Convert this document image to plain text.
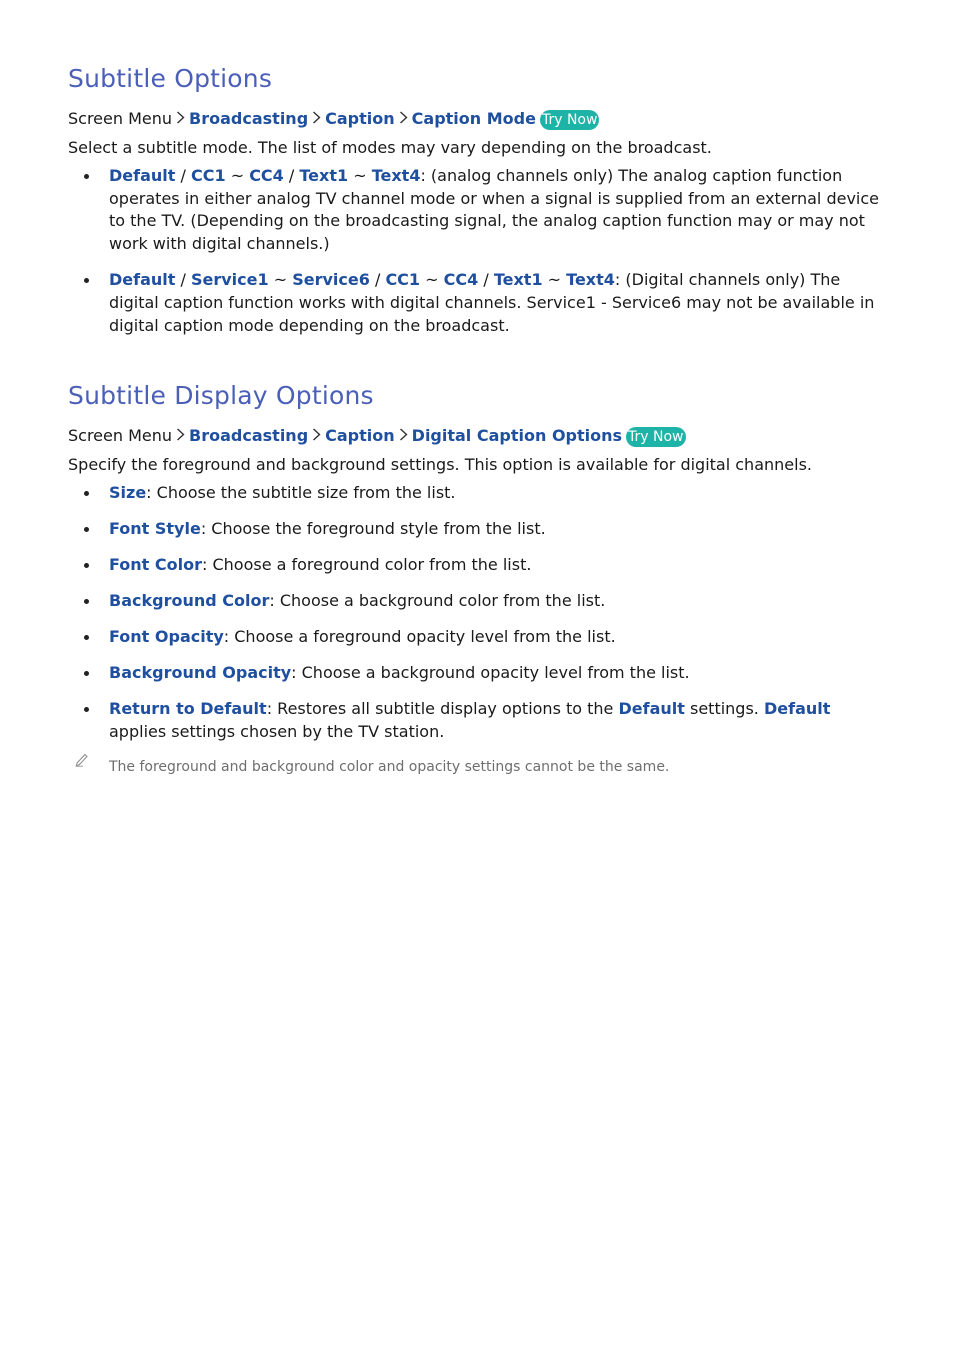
Subtitle Options
Screen Menu Broadcasting Caption Caption Mode Try Now
Select a subtitle mode. The list of modes may vary depending on the broadcast.
Default / CC1 ~ CC4 / Text1 ~ Text4: (analog channels only) The analog caption function operates in either analog TV channel mode or when a signal is supplied from an external device to the TV. (Depending on the broadcasting signal, the analog caption function may or may not work with digital channels.)
Default / Service1 ~ Service6 / CC1 ~ CC4 / Text1 ~ Text4: (Digital channels only) The digital caption function works with digital channels. Service1 - Service6 may not be available in digital caption mode depending on the broadcast.
Subtitle Display Options
Screen Menu Broadcasting Caption Digital Caption Options Try Now
Specify the foreground and background settings. This option is available for digital channels.
Size: Choose the subtitle size from the list.
Font Style: Choose the foreground style from the list.
Font Color: Choose a foreground color from the list.
Background Color: Choose a background color from the list.
Font Opacity: Choose a foreground opacity level from the list.
Background Opacity: Choose a background opacity level from the list.
Return to Default: Restores all subtitle display options to the Default settings. Default applies settings chosen by the TV station.
The foreground and background color and opacity settings cannot be the same.
